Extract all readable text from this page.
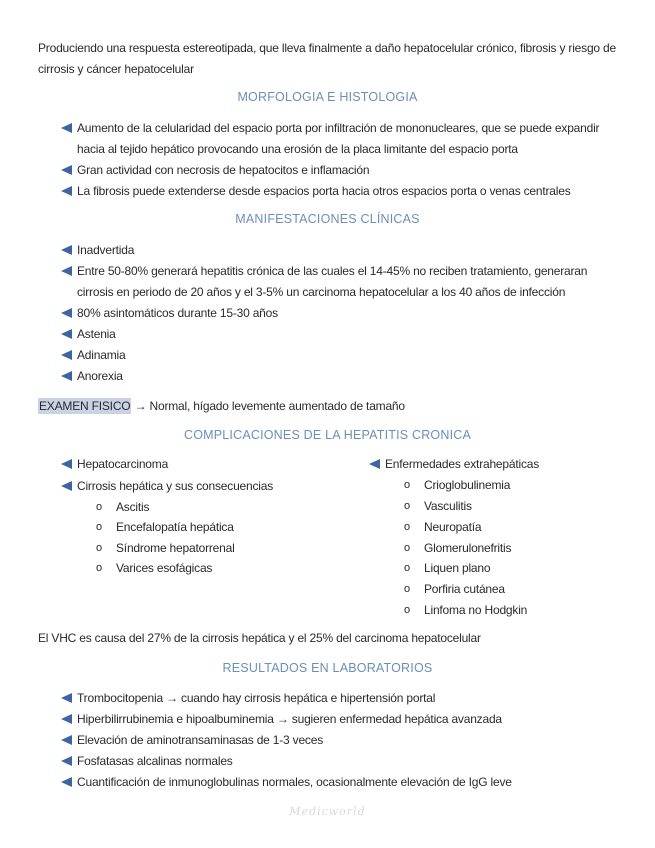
Produciendo una respuesta estereotipada, que lleva finalmente a daño hepatocelular crónico, fibrosis y riesgo de cirrosis y cáncer hepatocelular
MORFOLOGIA E HISTOLOGIA
Aumento de la celularidad del espacio porta por infiltración de mononucleares, que se puede expandir hacia al tejido hepático provocando una erosión de la placa limitante del espacio porta
Gran actividad con necrosis de hepatocitos e inflamación
La fibrosis puede extenderse desde espacios porta hacia otros espacios porta o venas centrales
MANIFESTACIONES CLÍNICAS
Inadvertida
Entre 50-80% generará hepatitis crónica de las cuales el 14-45% no reciben tratamiento, generaran cirrosis en periodo de 20 años y el 3-5% un carcinoma hepatocelular a los 40 años de infección
80% asintomáticos durante 15-30 años
Astenia
Adinamia
Anorexia
EXAMEN FISICO → Normal, hígado levemente aumentado de tamaño
COMPLICACIONES DE LA HEPATITIS CRONICA
Hepatocarcinoma
Cirrosis hepática y sus consecuencias
o	Ascitis
o	Encefalopatía hepática
o	Síndrome hepatorrenal
o	Varices esofágicas
Enfermedades extrahepáticas
o	Crioglobulinemia
o	Vasculitis
o	Neuropatía
o	Glomerulonefritis
o	Liquen plano
o	Porfiria cutánea
o	Linfoma no Hodgkin
El VHC es causa del 27% de la cirrosis hepática y el 25% del carcinoma hepatocelular
RESULTADOS EN LABORATORIOS
Trombocitopenia → cuando hay cirrosis hepática e hipertensión portal
Hiperbilirrubinemia e hipoalbuminemia → sugieren enfermedad hepática avanzada
Elevación de aminotransaminasas de 1-3 veces
Fosfatasas alcalinas normales
Cuantificación de inmunoglobulinas normales, ocasionalmente elevación de IgG leve
Medicworld
